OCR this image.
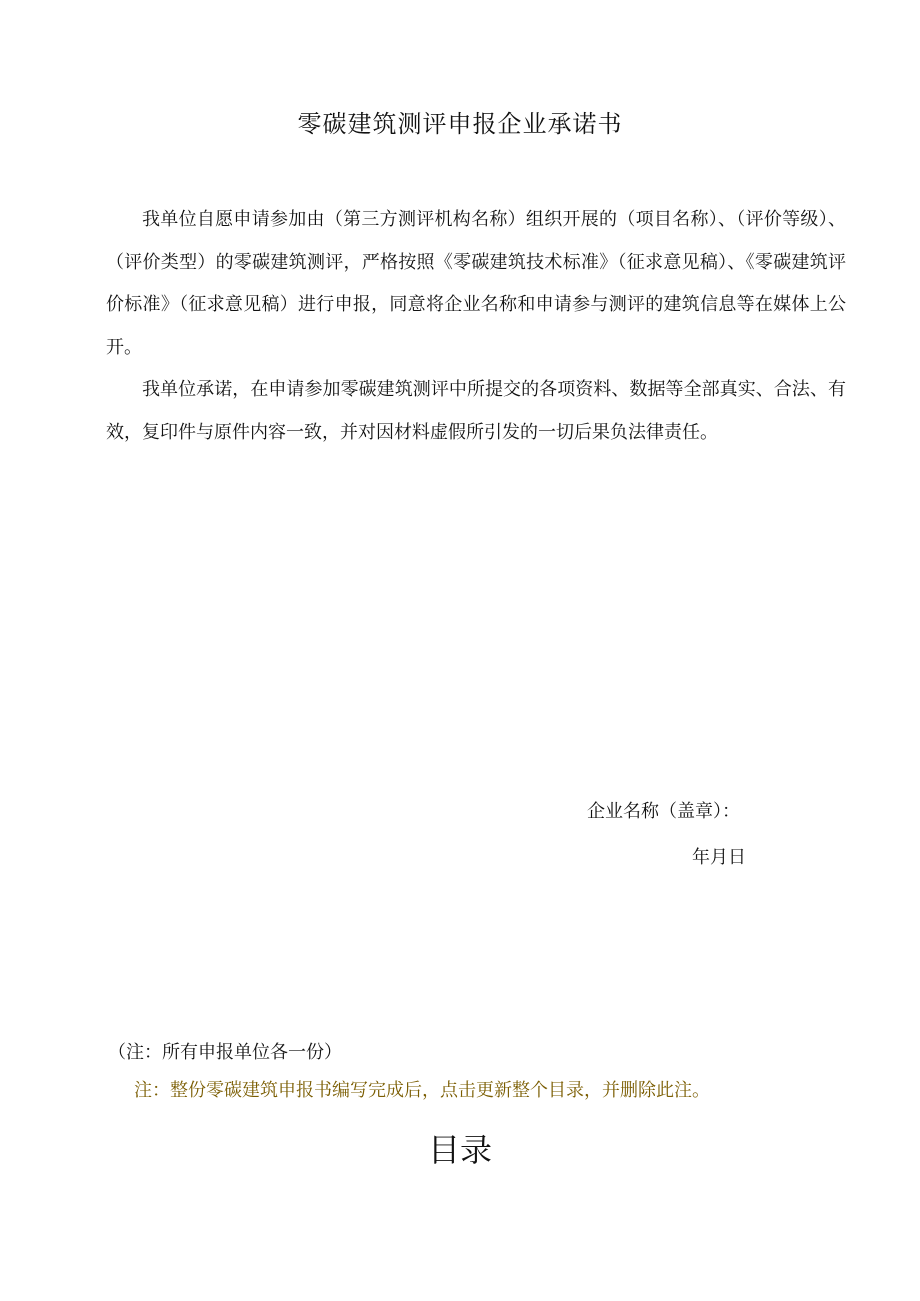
零碳建筑测评申报企业承诺书

我单位自愿申请参加由（第三方测评机构名称）组织开展的（项目名称）、（评价等级）、（评价类型）的零碳建筑测评，严格按照《零碳建筑技术标准》（征求意见稿）、《零碳建筑评价标准》（征求意见稿）进行申报，同意将企业名称和申请参与测评的建筑信息等在媒体上公开。

我单位承诺，在申请参加零碳建筑测评中所提交的各项资料、数据等全部真实、合法、有效，复印件与原件内容一致，并对因材料虚假所引发的一切后果负法律责任。

企业名称（盖章）：
年月日
（注：所有申报单位各一份）
注：整份零碳建筑申报书编写完成后，点击更新整个目录，并删除此注。
目录
